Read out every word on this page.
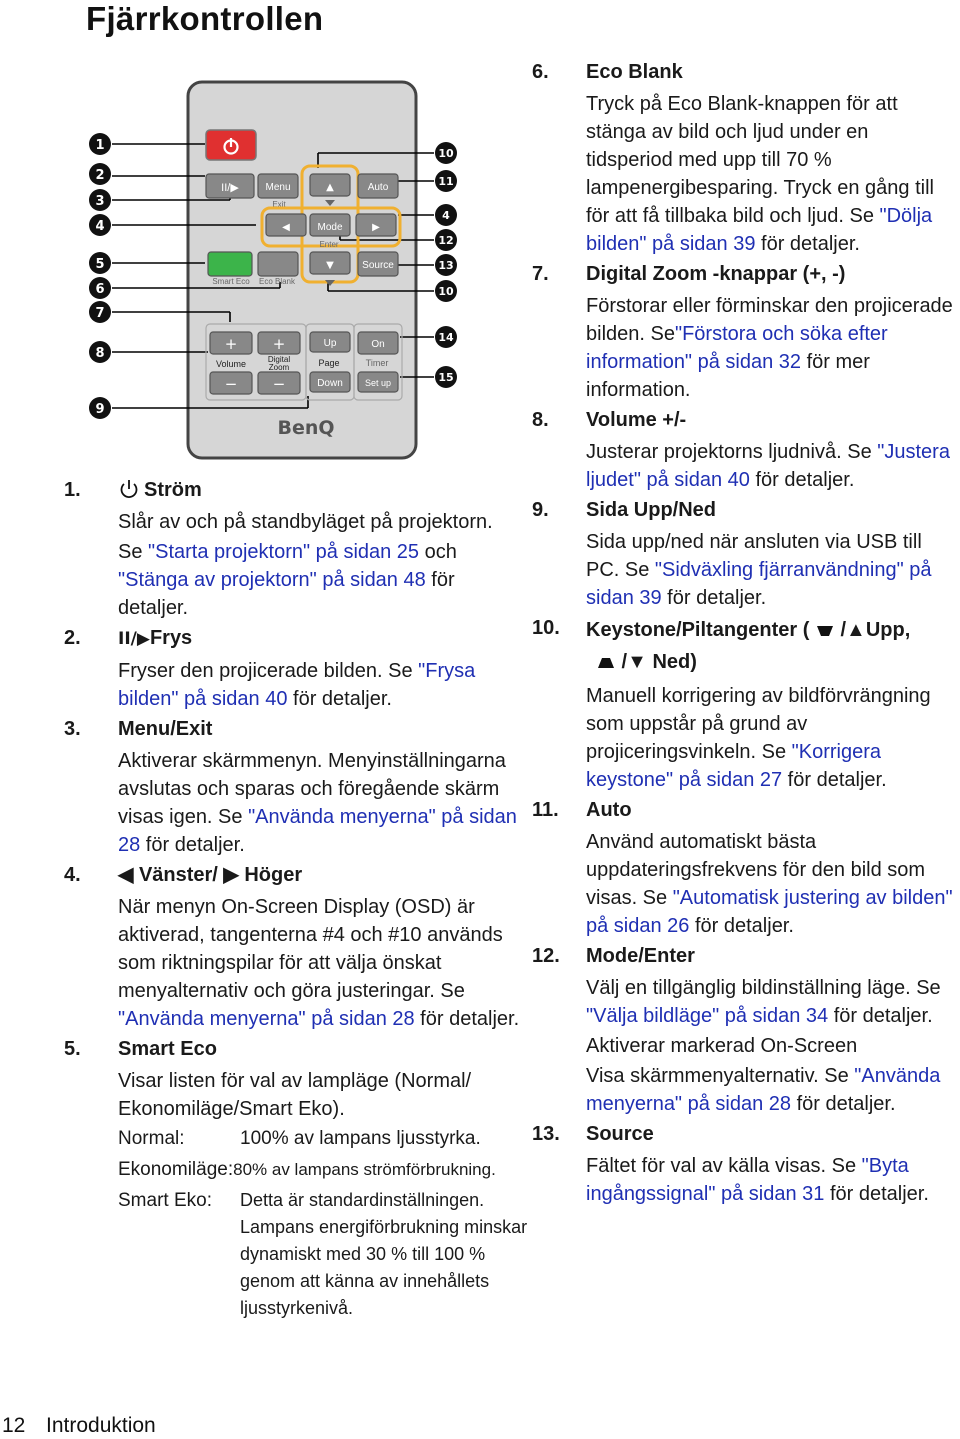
Fjärrkontrollen
II/▶	Menu
Exit
▲	Auto
◀	Mode
Enter
▶
▼	Source
Smart Eco Eco Blank
+
Volume
−
+
Digital
Zoom
−
Up
Page
Down
On
Timer
Set up
BenQ
1
2
3
4
5
6
7
8
9
10
11
4
12
13
10
14
15
1.	Ström
Slår av och på standbyläget på projektorn.
Se "Starta projektorn" på sidan 25 och "Stänga av projektorn" på sidan 48 för detaljer.
2.	II/▶Frys
Fryser den projicerade bilden. Se "Frysa bilden" på sidan 40 för detaljer.
3.	Menu/Exit
Aktiverar skärmmenyn. Menyinställningarna avslutas och sparas och föregående skärm visas igen. Se "Använda menyerna" på sidan 28 för detaljer.
4.	◀ Vänster/ ▶ Höger
När menyn On-Screen Display (OSD) är aktiverad, tangenterna #4 och #10 används som riktningspilar för att välja önskat menyalternativ och göra justeringar. Se "Använda menyerna" på sidan 28 för detaljer.
5.	Smart Eco
Visar listen för val av lampläge (Normal/ Ekonomiläge/Smart Eko).
Normal:	100% av lampans ljusstyrka.
Ekonomiläge:80% av lampans strömförbrukning.
Smart Eko:	Detta är standardinställningen. Lampans energiförbrukning minskar dynamiskt med 30 % till 100 % genom att känna av innehållets ljusstyrkenivå.
6.	Eco Blank
Tryck på Eco Blank-knappen för att stänga av bild och ljud under en tidsperiod med upp till 70 % lampenergibesparing. Tryck en gång till för att få tillbaka bild och ljud. Se "Dölja bilden" på sidan 39 för detaljer.
7.	Digital Zoom -knappar (+, -)
Förstorar eller förminskar den projicerade bilden. Se"Förstora och söka efter information" på sidan 32 för mer information.
8.	Volume +/-
Justerar projektorns ljudnivå. Se "Justera ljudet" på sidan 40 för detaljer.
9.	Sida Upp/Ned
Sida upp/ned när ansluten via USB till PC. Se "Sidväxling fjärranvändning" på sidan 39 för detaljer.
10.	Keystone/Piltangenter (  /▲Upp,
/▼ Ned)
Manuell korrigering av bildförvrängning som uppstår på grund av projiceringsvinkeln. Se "Korrigera keystone" på sidan 27 för detaljer.
11.	Auto
Använd automatiskt bästa uppdateringsfrekvens för den bild som visas. Se "Automatisk justering av bilden" på sidan 26 för detaljer.
12.	Mode/Enter
Välj en tillgänglig bildinställning läge. Se "Välja bildläge" på sidan 34 för detaljer.
Aktiverar markerad On-Screen
Visa skärmmenyalternativ. Se "Använda menyerna" på sidan 28 för detaljer.
13.	Source
Fältet för val av källa visas. Se "Byta ingångssignal" på sidan 31 för detaljer.
12 Introduktion
